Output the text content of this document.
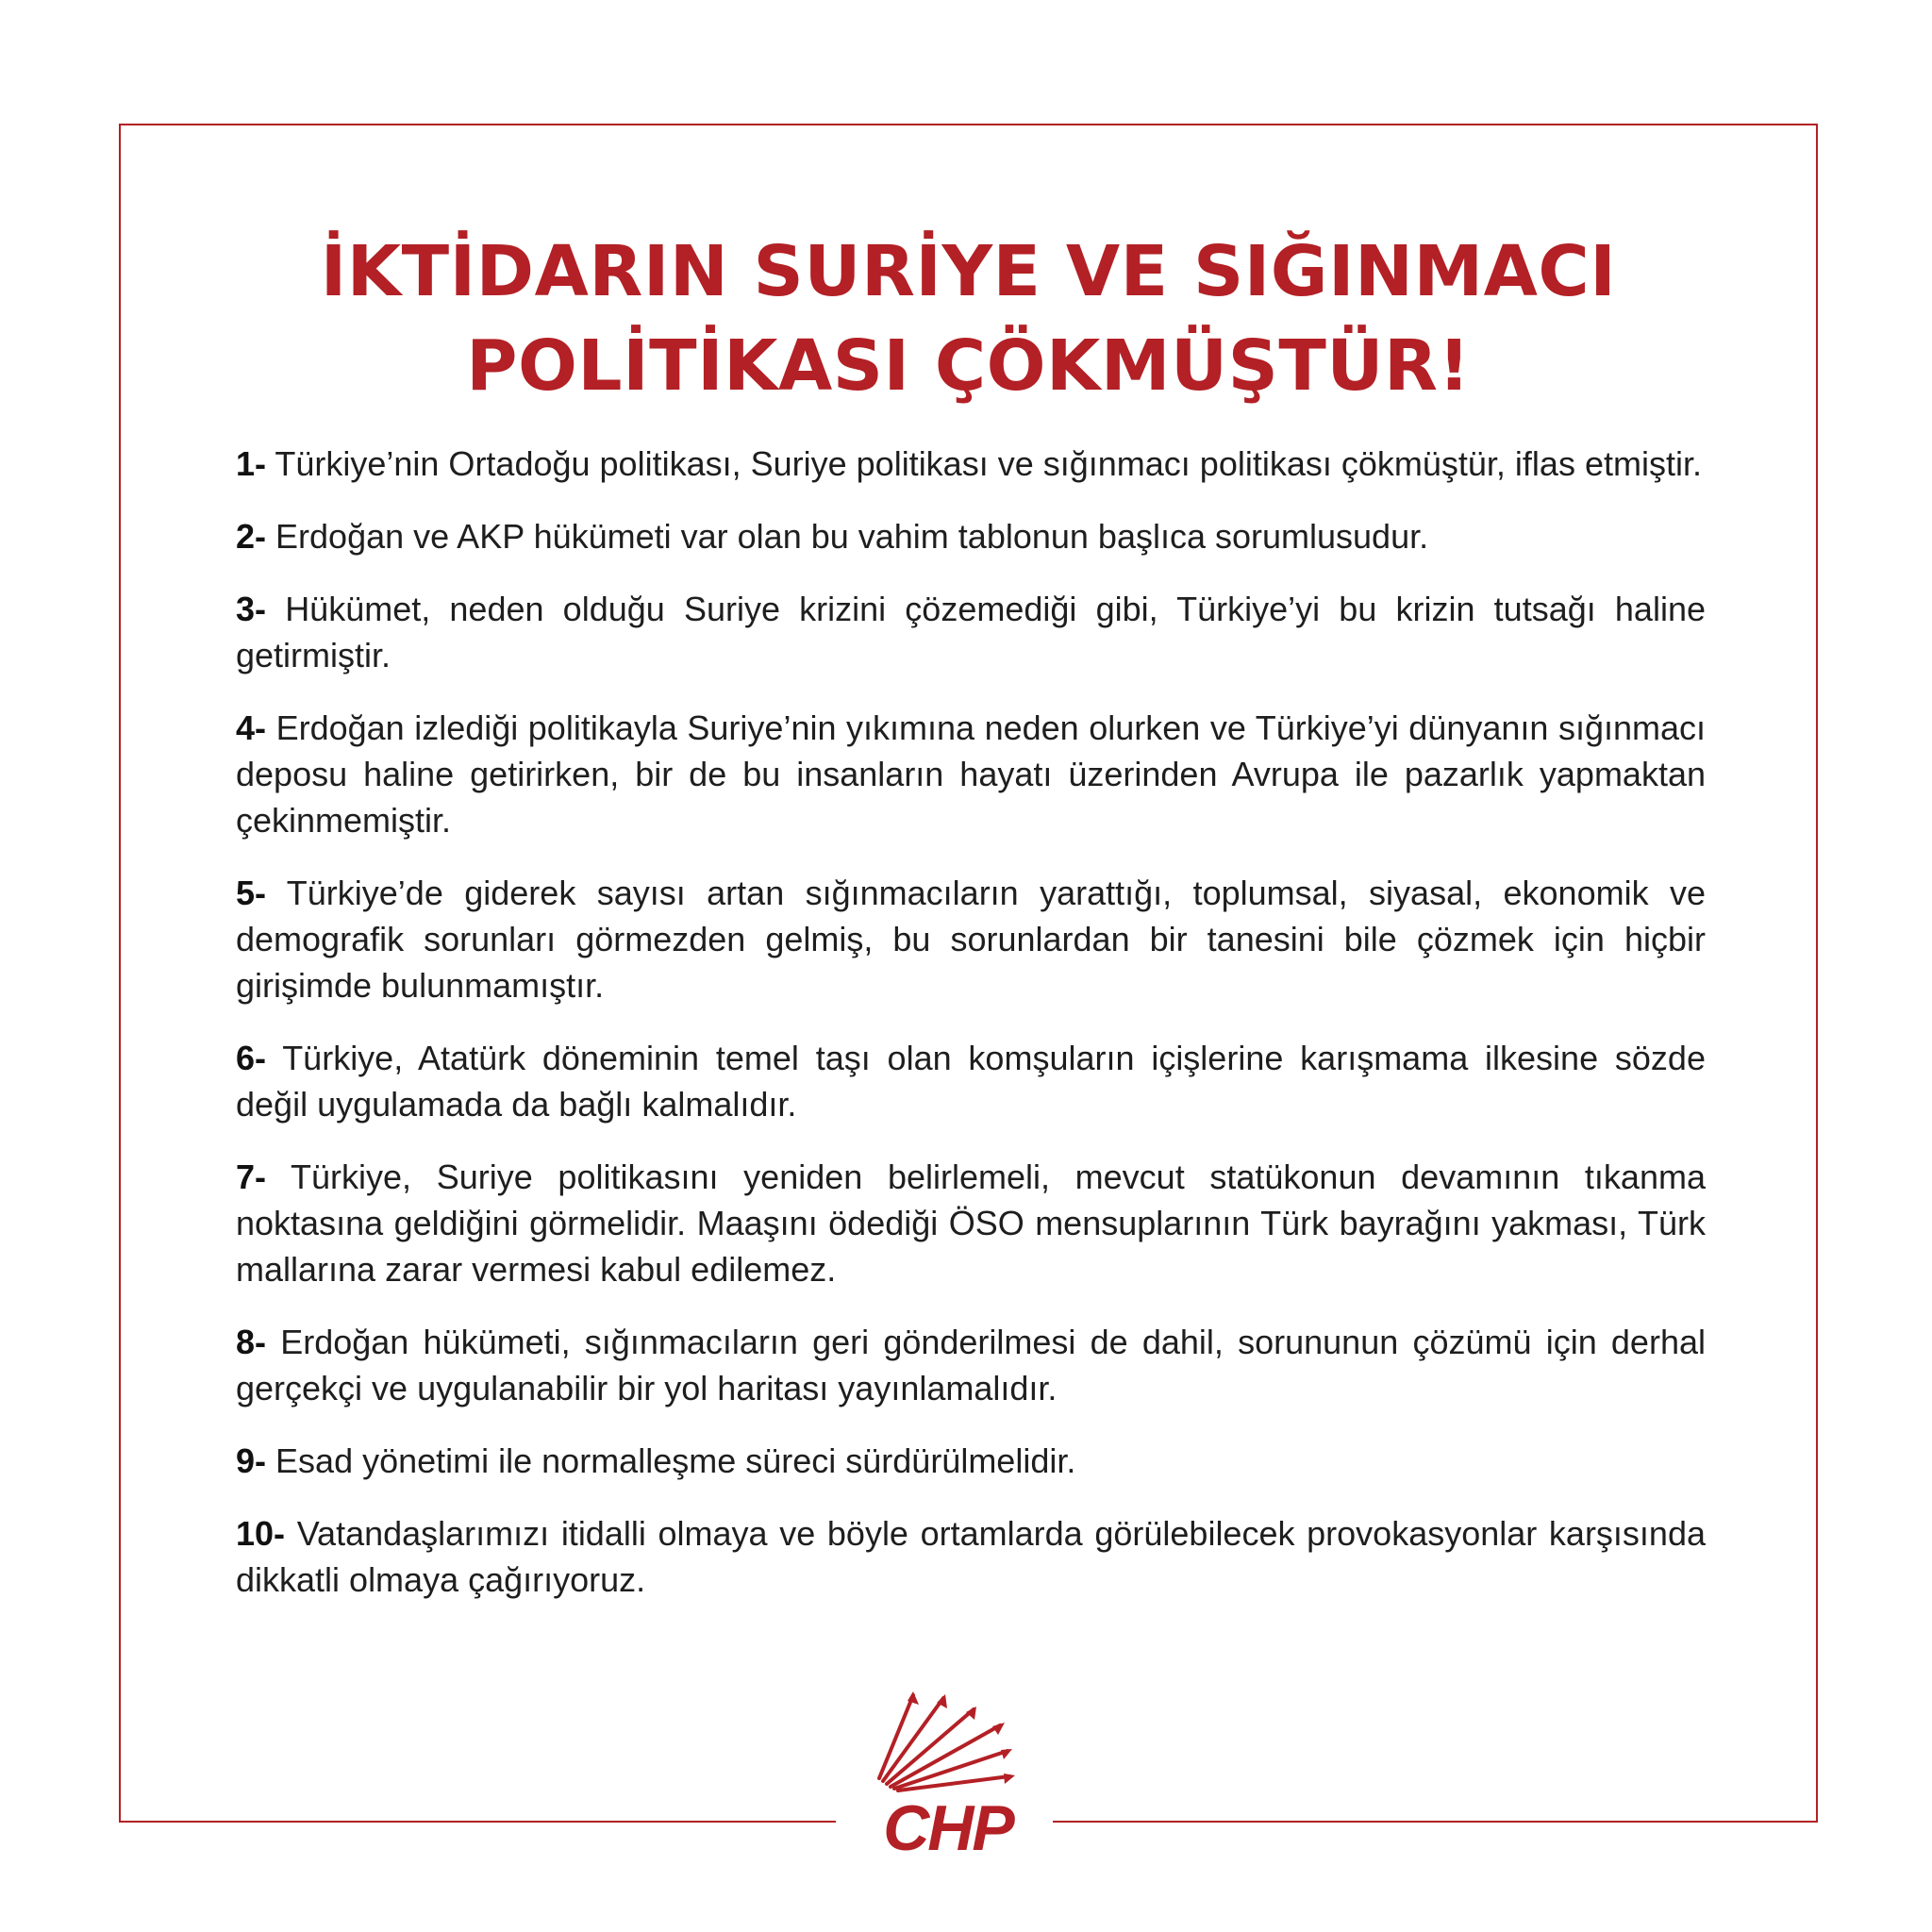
İKTİDARIN SURİYE VE SIĞINMACI
POLİTİKASI ÇÖKMÜŞTÜR!
1- Türkiye’nin Ortadoğu politikası, Suriye politikası ve sığınmacı politikası çökmüştür, iflas etmiştir.
2- Erdoğan ve AKP hükümeti var olan bu vahim tablonun başlıca sorumlusudur.
3- Hükümet, neden olduğu Suriye krizini çözemediği gibi, Türkiye’yi bu krizin tutsağı haline getirmiştir.
4- Erdoğan izlediği politikayla Suriye’nin yıkımına neden olurken ve Türkiye’yi dünyanın sığınmacı deposu haline getirirken, bir de bu insanların hayatı üzerinden Avrupa ile pazarlık yapmaktan çekinmemiştir.
5- Türkiye’de giderek sayısı artan sığınmacıların yarattığı, toplumsal, siyasal, ekonomik ve demografik sorunları görmezden gelmiş, bu sorunlardan bir tanesini bile çözmek için hiçbir girişimde bulunmamıştır.
6- Türkiye, Atatürk döneminin temel taşı olan komşuların içişlerine karışmama ilkesine sözde değil uygulamada da bağlı kalmalıdır.
7- Türkiye, Suriye politikasını yeniden belirlemeli, mevcut statükonun devamının tıkanma noktasına geldiğini görmelidir. Maaşını ödediği ÖSO mensuplarının Türk bayrağını yakması, Türk mallarına zarar vermesi kabul edilemez.
8- Erdoğan hükümeti, sığınmacıların geri gönderilmesi de dahil, sorununun çözümü için derhal gerçekçi ve uygulanabilir bir yol haritası yayınlamalıdır.
9- Esad yönetimi ile normalleşme süreci sürdürülmelidir.
10- Vatandaşlarımızı itidalli olmaya ve böyle ortamlarda görülebilecek provokasyonlar karşısında dikkatli olmaya çağırıyoruz.
CHP
